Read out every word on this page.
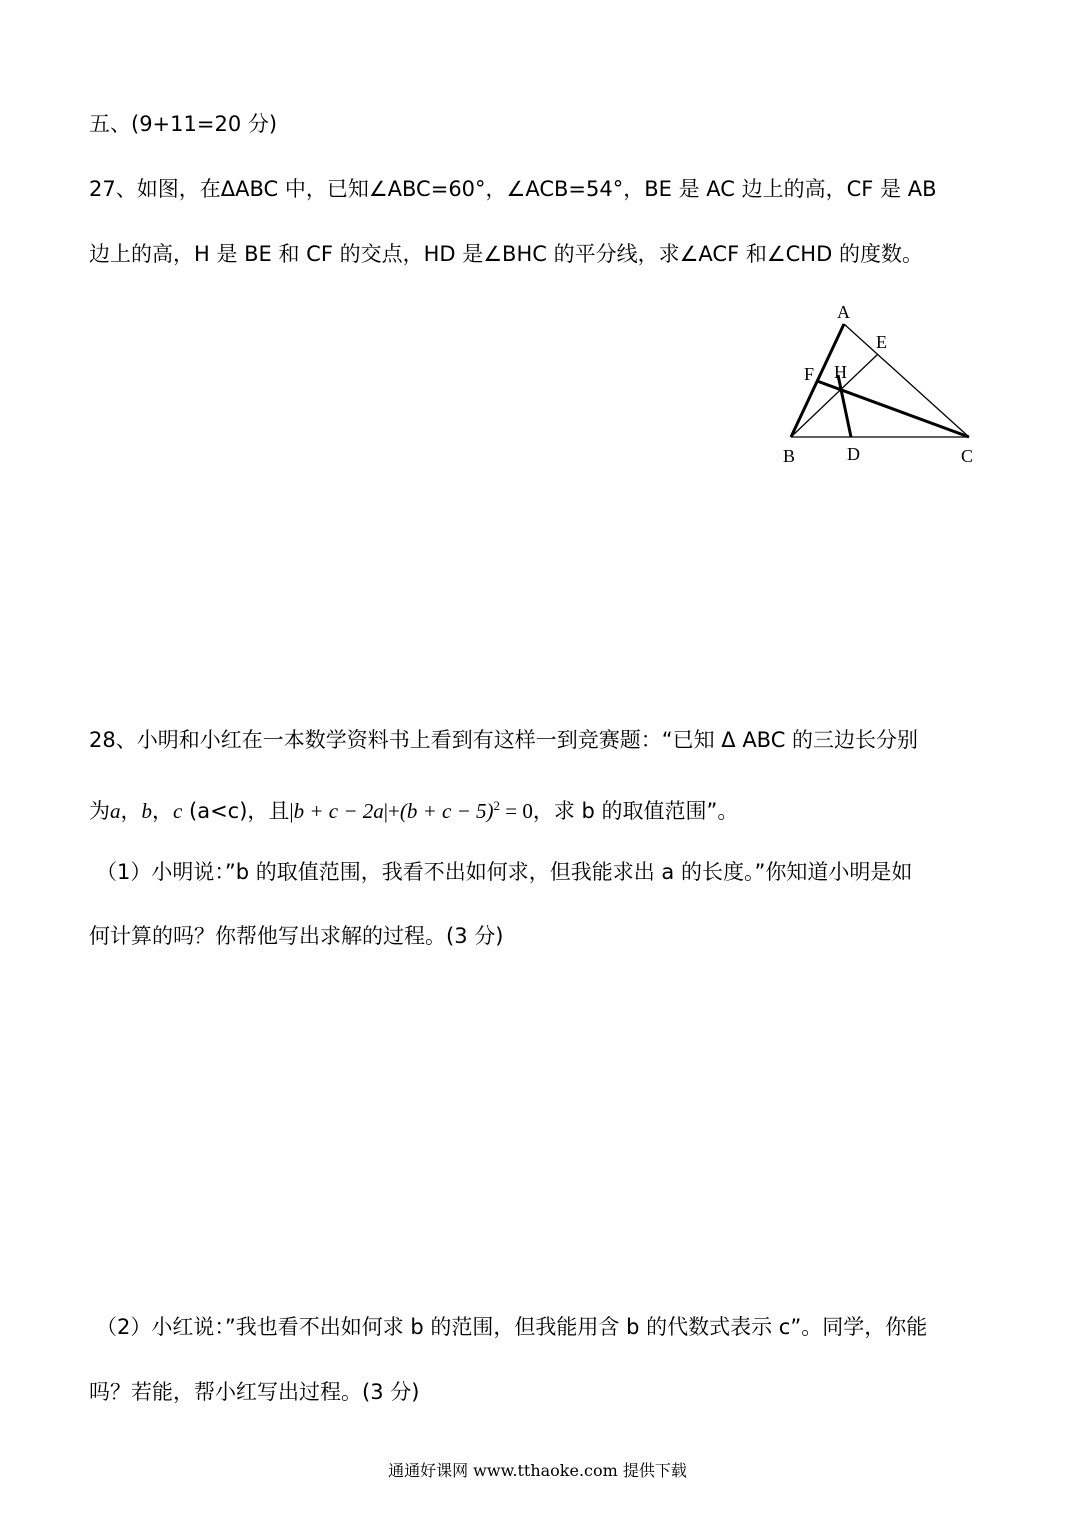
五、(9+11=20 分)
27、如图，在ΔABC 中，已知∠ABC=60°，∠ACB=54°，BE 是 AC 边上的高，CF 是 AB
边上的高，H 是 BE 和 CF 的交点，HD 是∠BHC 的平分线，求∠ACF 和∠CHD 的度数。
A
E
F H
B	D	C
28、小明和小红在一本数学资料书上看到有这样一到竞赛题：“已知 Δ ABC 的三边长分别
为a，b，c (a<c)，且$|b + c - 2a|+(b + c - 5)^2 = 0$，求 b 的取值范围”。
（1）小明说：”b 的取值范围，我看不出如何求，但我能求出 a 的长度。”你知道小明是如
何计算的吗？你帮他写出求解的过程。(3 分)
（2）小红说：”我也看不出如何求 b 的范围，但我能用含 b 的代数式表示 c”。同学，你能
吗？若能，帮小红写出过程。(3 分)
通通好课网 www.tthaoke.com 提供下载
